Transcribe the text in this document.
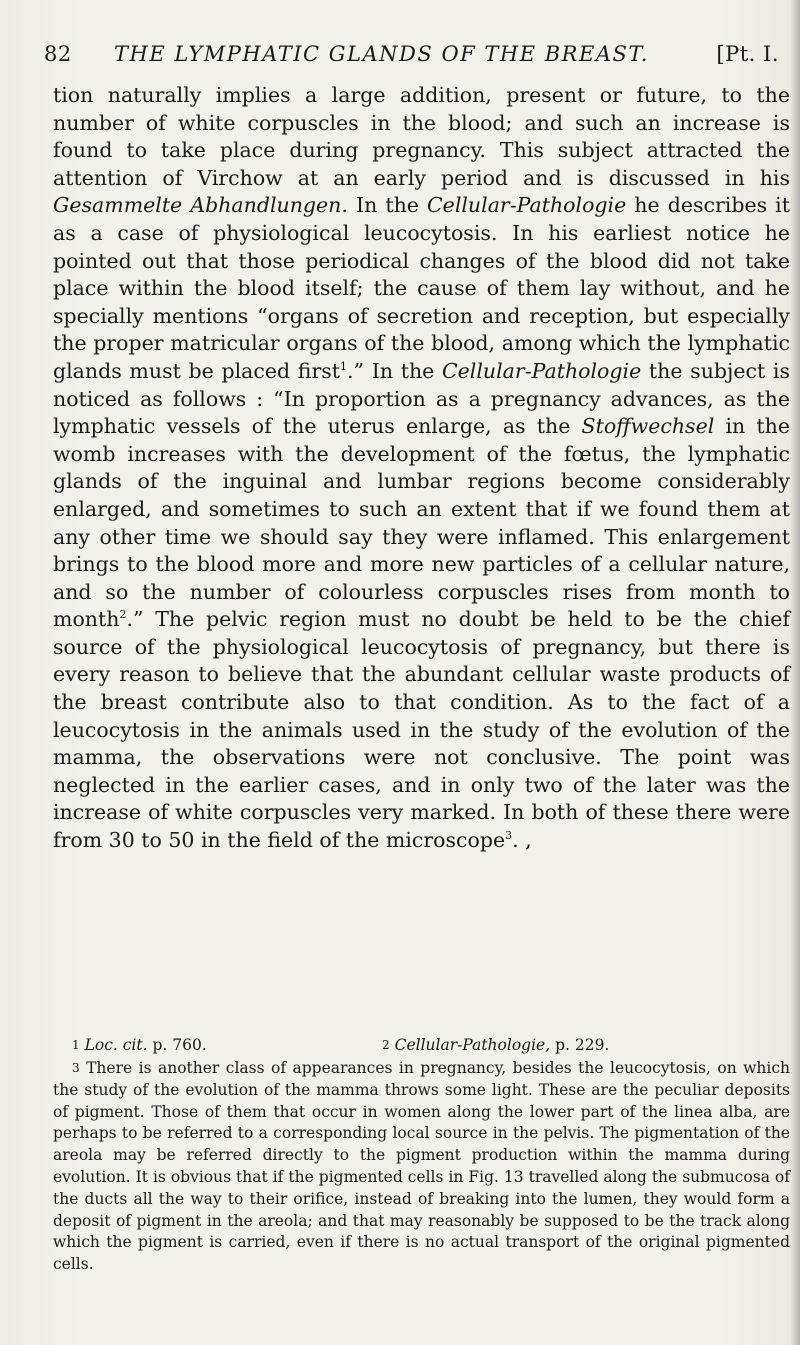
82 THE LYMPHATIC GLANDS OF THE BREAST.	[Pt. I.

tion naturally implies a large addition, present or future, to the number of white corpuscles in the blood; and such an increase is found to take place during pregnancy. This subject attracted the attention of Virchow at an early period and is discussed in his Gesammelte Abhandlungen. In the Cellular-Pathologie he describes it as a case of physiological leucocytosis. In his earliest notice he pointed out that those periodical changes of the blood did not take place within the blood itself; the cause of them lay without, and he specially mentions “organs of secretion and reception, but especially the proper matricular organs of the blood, among which the lymphatic glands must be placed first$^1$.” In the Cellular-Pathologie the subject is noticed as follows : “In proportion as a pregnancy advances, as the lymphatic vessels of the uterus enlarge, as the Stoffwechsel in the womb increases with the development of the fœtus, the lymphatic glands of the inguinal and lumbar regions become considerably enlarged, and sometimes to such an extent that if we found them at any other time we should say they were inflamed. This enlargement brings to the blood more and more new particles of a cellular nature, and so the number of colourless corpuscles rises from month to month$^2$.” The pelvic region must no doubt be held to be the chief source of the physiological leucocytosis of pregnancy, but there is every reason to believe that the abundant cellular waste products of the breast contribute also to that condition. As to the fact of a leucocytosis in the animals used in the study of the evolution of the mamma, the observations were not conclusive. The point was neglected in the earlier cases, and in only two of the later was the increase of white corpuscles very marked. In both of these there were from 30 to 50 in the field of the microscope$^3$. ,

1 Loc. cit. p. 760.	2 Cellular-Pathologie, p. 229.

3 There is another class of appearances in pregnancy, besides the leucocytosis, on which the study of the evolution of the mamma throws some light. These are the peculiar deposits of pigment. Those of them that occur in women along the lower part of the linea alba, are perhaps to be referred to a corresponding local source in the pelvis. The pigmentation of the areola may be referred directly to the pigment production within the mamma during evolution. It is obvious that if the pigmented cells in Fig. 13 travelled along the submucosa of the ducts all the way to their orifice, instead of breaking into the lumen, they would form a deposit of pigment in the areola; and that may reasonably be supposed to be the track along which the pigment is carried, even if there is no actual transport of the original pigmented cells.
